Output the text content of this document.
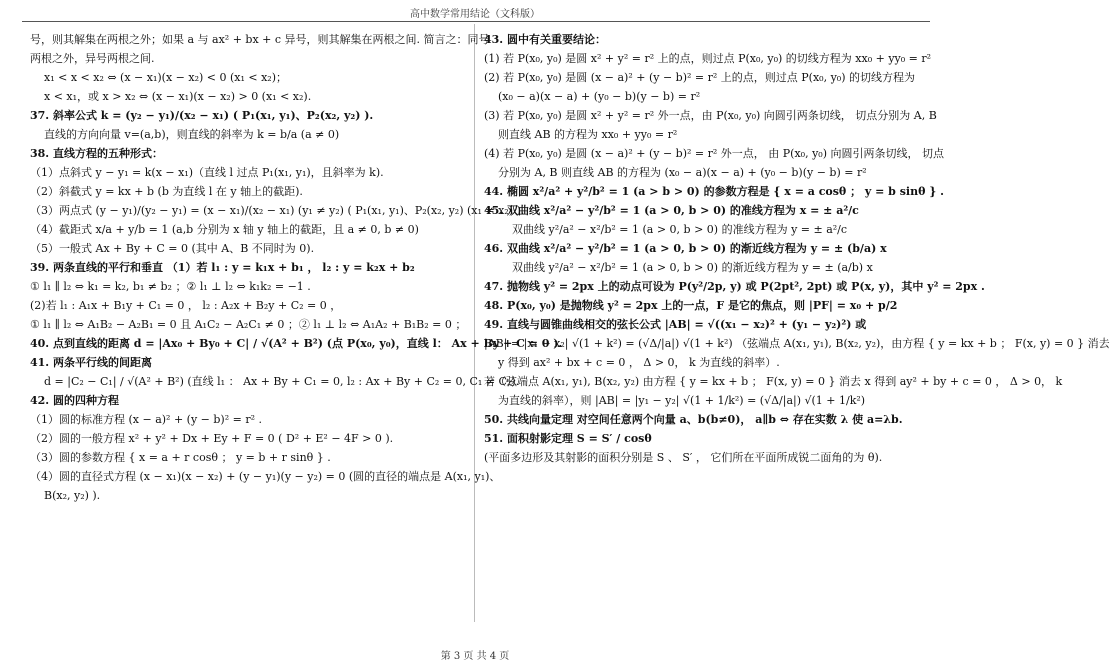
高中数学常用结论（文科版）
号，则其解集在两根之外；如果 a 与 ax² + bx + c 异号，则其解集在两根之间. 简言之：同号
两根之外，异号两根之间.
x₁ < x < x₂ ⇔ (x − x₁)(x − x₂) < 0 (x₁ < x₂)；
x < x₁，或 x > x₂ ⇔ (x − x₁)(x − x₂) > 0 (x₁ < x₂).
37. 斜率公式 k = (y₂ − y₁)/(x₂ − x₁) ( P₁(x₁, y₁)、P₂(x₂, y₂) ).
直线的方向向量 v=(a,b)，则直线的斜率为 k = b/a (a ≠ 0)
38. 直线方程的五种形式：
（1）点斜式 y − y₁ = k(x − x₁)（直线 l 过点 P₁(x₁, y₁)，且斜率为 k).
（2）斜截式 y = kx + b (b 为直线 l 在 y 轴上的截距).
（3）两点式 (y − y₁)/(y₂ − y₁) = (x − x₁)/(x₂ − x₁) (y₁ ≠ y₂) ( P₁(x₁, y₁)、P₂(x₂, y₂) (x₁ ≠ x₂) ).
（4）截距式 x/a + y/b = 1 (a,b 分别为 x 轴 y 轴上的截距，且 a ≠ 0, b ≠ 0)
（5）一般式 Ax + By + C = 0 (其中 A、B 不同时为 0).
39. 两条直线的平行和垂直 （1）若 l₁ : y = k₁x + b₁ ， l₂ : y = k₂x + b₂
① l₁ ∥ l₂ ⇔ k₁ = k₂, b₁ ≠ b₂ ；② l₁ ⊥ l₂ ⇔ k₁k₂ = −1 .
(2)若 l₁ : A₁x + B₁y + C₁ = 0 ， l₂ : A₂x + B₂y + C₂ = 0 ，
① l₁ ∥ l₂ ⇔ A₁B₂ − A₂B₁ = 0 且 A₁C₂ − A₂C₁ ≠ 0 ；② l₁ ⊥ l₂ ⇔ A₁A₂ + B₁B₂ = 0 ；
40. 点到直线的距离 d = |Ax₀ + By₀ + C| / √(A² + B²) (点 P(x₀, y₀)，直线 l： Ax + By + C = 0 ).
41. 两条平行线的间距离
d = |C₂ − C₁| / √(A² + B²) (直线 l₁ ： Ax + By + C₁ = 0, l₂ : Ax + By + C₂ = 0, C₁ ≠ C₂).
42. 圆的四种方程
（1）圆的标准方程 (x − a)² + (y − b)² = r² .
（2）圆的一般方程 x² + y² + Dx + Ey + F = 0 ( D² + E² − 4F > 0 ).
（3）圆的参数方程 { x = a + r cosθ ； y = b + r sinθ } .
（4）圆的直径式方程 (x − x₁)(x − x₂) + (y − y₁)(y − y₂) = 0 (圆的直径的端点是 A(x₁, y₁)、
B(x₂, y₂) ).
43. 圆中有关重要结论：
(1) 若 P(x₀, y₀) 是圆 x² + y² = r² 上的点，则过点 P(x₀, y₀) 的切线方程为 xx₀ + yy₀ = r²
(2) 若 P(x₀, y₀) 是圆 (x − a)² + (y − b)² = r² 上的点，则过点 P(x₀, y₀) 的切线方程为
(x₀ − a)(x − a) + (y₀ − b)(y − b) = r²
(3) 若 P(x₀, y₀) 是圆 x² + y² = r² 外一点，由 P(x₀, y₀) 向圆引两条切线， 切点分别为 A, B
则直线 AB 的方程为 xx₀ + yy₀ = r²
(4) 若 P(x₀, y₀) 是圆 (x − a)² + (y − b)² = r² 外一点， 由 P(x₀, y₀) 向圆引两条切线， 切点
分别为 A, B 则直线 AB 的方程为 (x₀ − a)(x − a) + (y₀ − b)(y − b) = r²
44. 椭圆 x²/a² + y²/b² = 1 (a > b > 0) 的参数方程是 { x = a cosθ ； y = b sinθ } .
45. 双曲线 x²/a² − y²/b² = 1 (a > 0, b > 0) 的准线方程为 x = ± a²/c
双曲线 y²/a² − x²/b² = 1 (a > 0, b > 0) 的准线方程为 y = ± a²/c
46. 双曲线 x²/a² − y²/b² = 1 (a > 0, b > 0) 的渐近线方程为 y = ± (b/a) x
双曲线 y²/a² − x²/b² = 1 (a > 0, b > 0) 的渐近线方程为 y = ± (a/b) x
47. 抛物线 y² = 2px 上的动点可设为 P(y²/2p, y) 或 P(2pt², 2pt) 或 P(x, y)，其中 y² = 2px .
48. P(x₀, y₀) 是抛物线 y² = 2px 上的一点，F 是它的焦点，则 |PF| = x₀ + p/2
49. 直线与圆锥曲线相交的弦长公式 |AB| = √((x₁ − x₂)² + (y₁ − y₂)²) 或
|AB| = |x₁ − x₂| √(1 + k²) = (√Δ/|a|) √(1 + k²) （弦端点 A(x₁, y₁), B(x₂, y₂)，由方程 { y = kx + b ； F(x, y) = 0 } 消去
y 得到 ax² + bx + c = 0 ， Δ > 0， k 为直线的斜率）.
若（弦端点 A(x₁, y₁), B(x₂, y₂) 由方程 { y = kx + b ； F(x, y) = 0 } 消去 x 得到 ay² + by + c = 0 ， Δ > 0， k
为直线的斜率），则 |AB| = |y₁ − y₂| √(1 + 1/k²) = (√Δ/|a|) √(1 + 1/k²)
50. 共线向量定理 对空间任意两个向量 a、b(b≠0)， a∥b ⇔ 存在实数 λ 使 a=λb.
51. 面积射影定理 S = S′ / cosθ
(平面多边形及其射影的面积分别是 S 、 S′ ， 它们所在平面所成锐二面角的为 θ).
第 3 页 共 4 页
